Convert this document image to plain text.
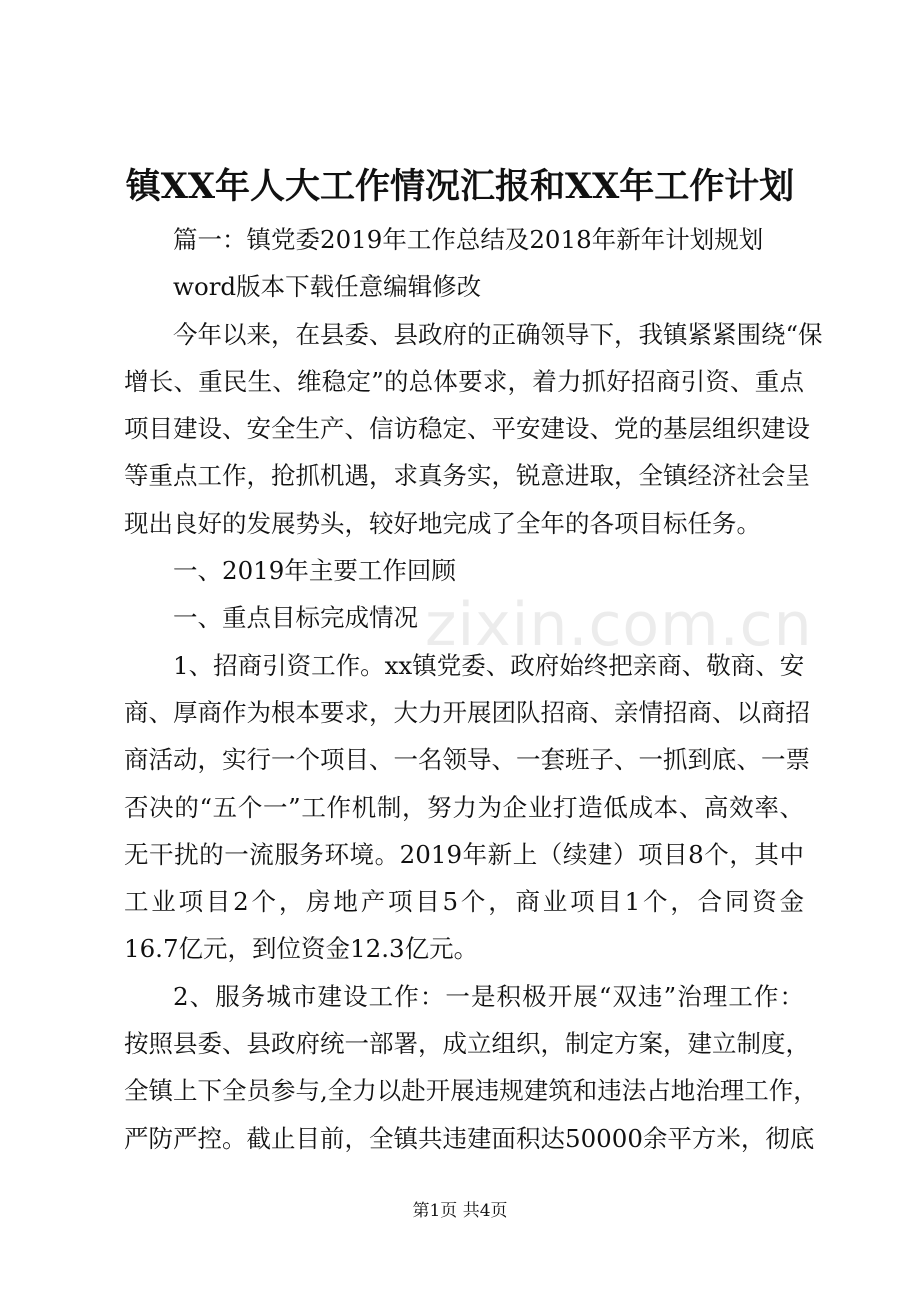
镇XX年人大工作情况汇报和XX年工作计划
篇一：镇党委2019年工作总结及2018年新年计划规划
word版本下载任意编辑修改
今年以来，在县委、县政府的正确领导下，我镇紧紧围绕“保
增长、重民生、维稳定”的总体要求，着力抓好招商引资、重点
项目建设、安全生产、信访稳定、平安建设、党的基层组织建设
等重点工作，抢抓机遇，求真务实，锐意进取，全镇经济社会呈
现出良好的发展势头，较好地完成了全年的各项目标任务。
一、2019年主要工作回顾
一、重点目标完成情况
1、招商引资工作。xx镇党委、政府始终把亲商、敬商、安
商、厚商作为根本要求，大力开展团队招商、亲情招商、以商招
商活动，实行一个项目、一名领导、一套班子、一抓到底、一票
否决的“五个一”工作机制，努力为企业打造低成本、高效率、
无干扰的一流服务环境。2019年新上（续建）项目8个，其中
工业项目2个，房地产项目5个，商业项目1个，合同资金
16.7亿元，到位资金12.3亿元。
2、服务城市建设工作：一是积极开展“双违”治理工作：
按照县委、县政府统一部署，成立组织，制定方案，建立制度，
全镇上下全员参与,全力以赴开展违规建筑和违法占地治理工作，
严防严控。截止目前，全镇共违建面积达50000余平方米，彻底
zixin.com.cn
第1页 共4页
